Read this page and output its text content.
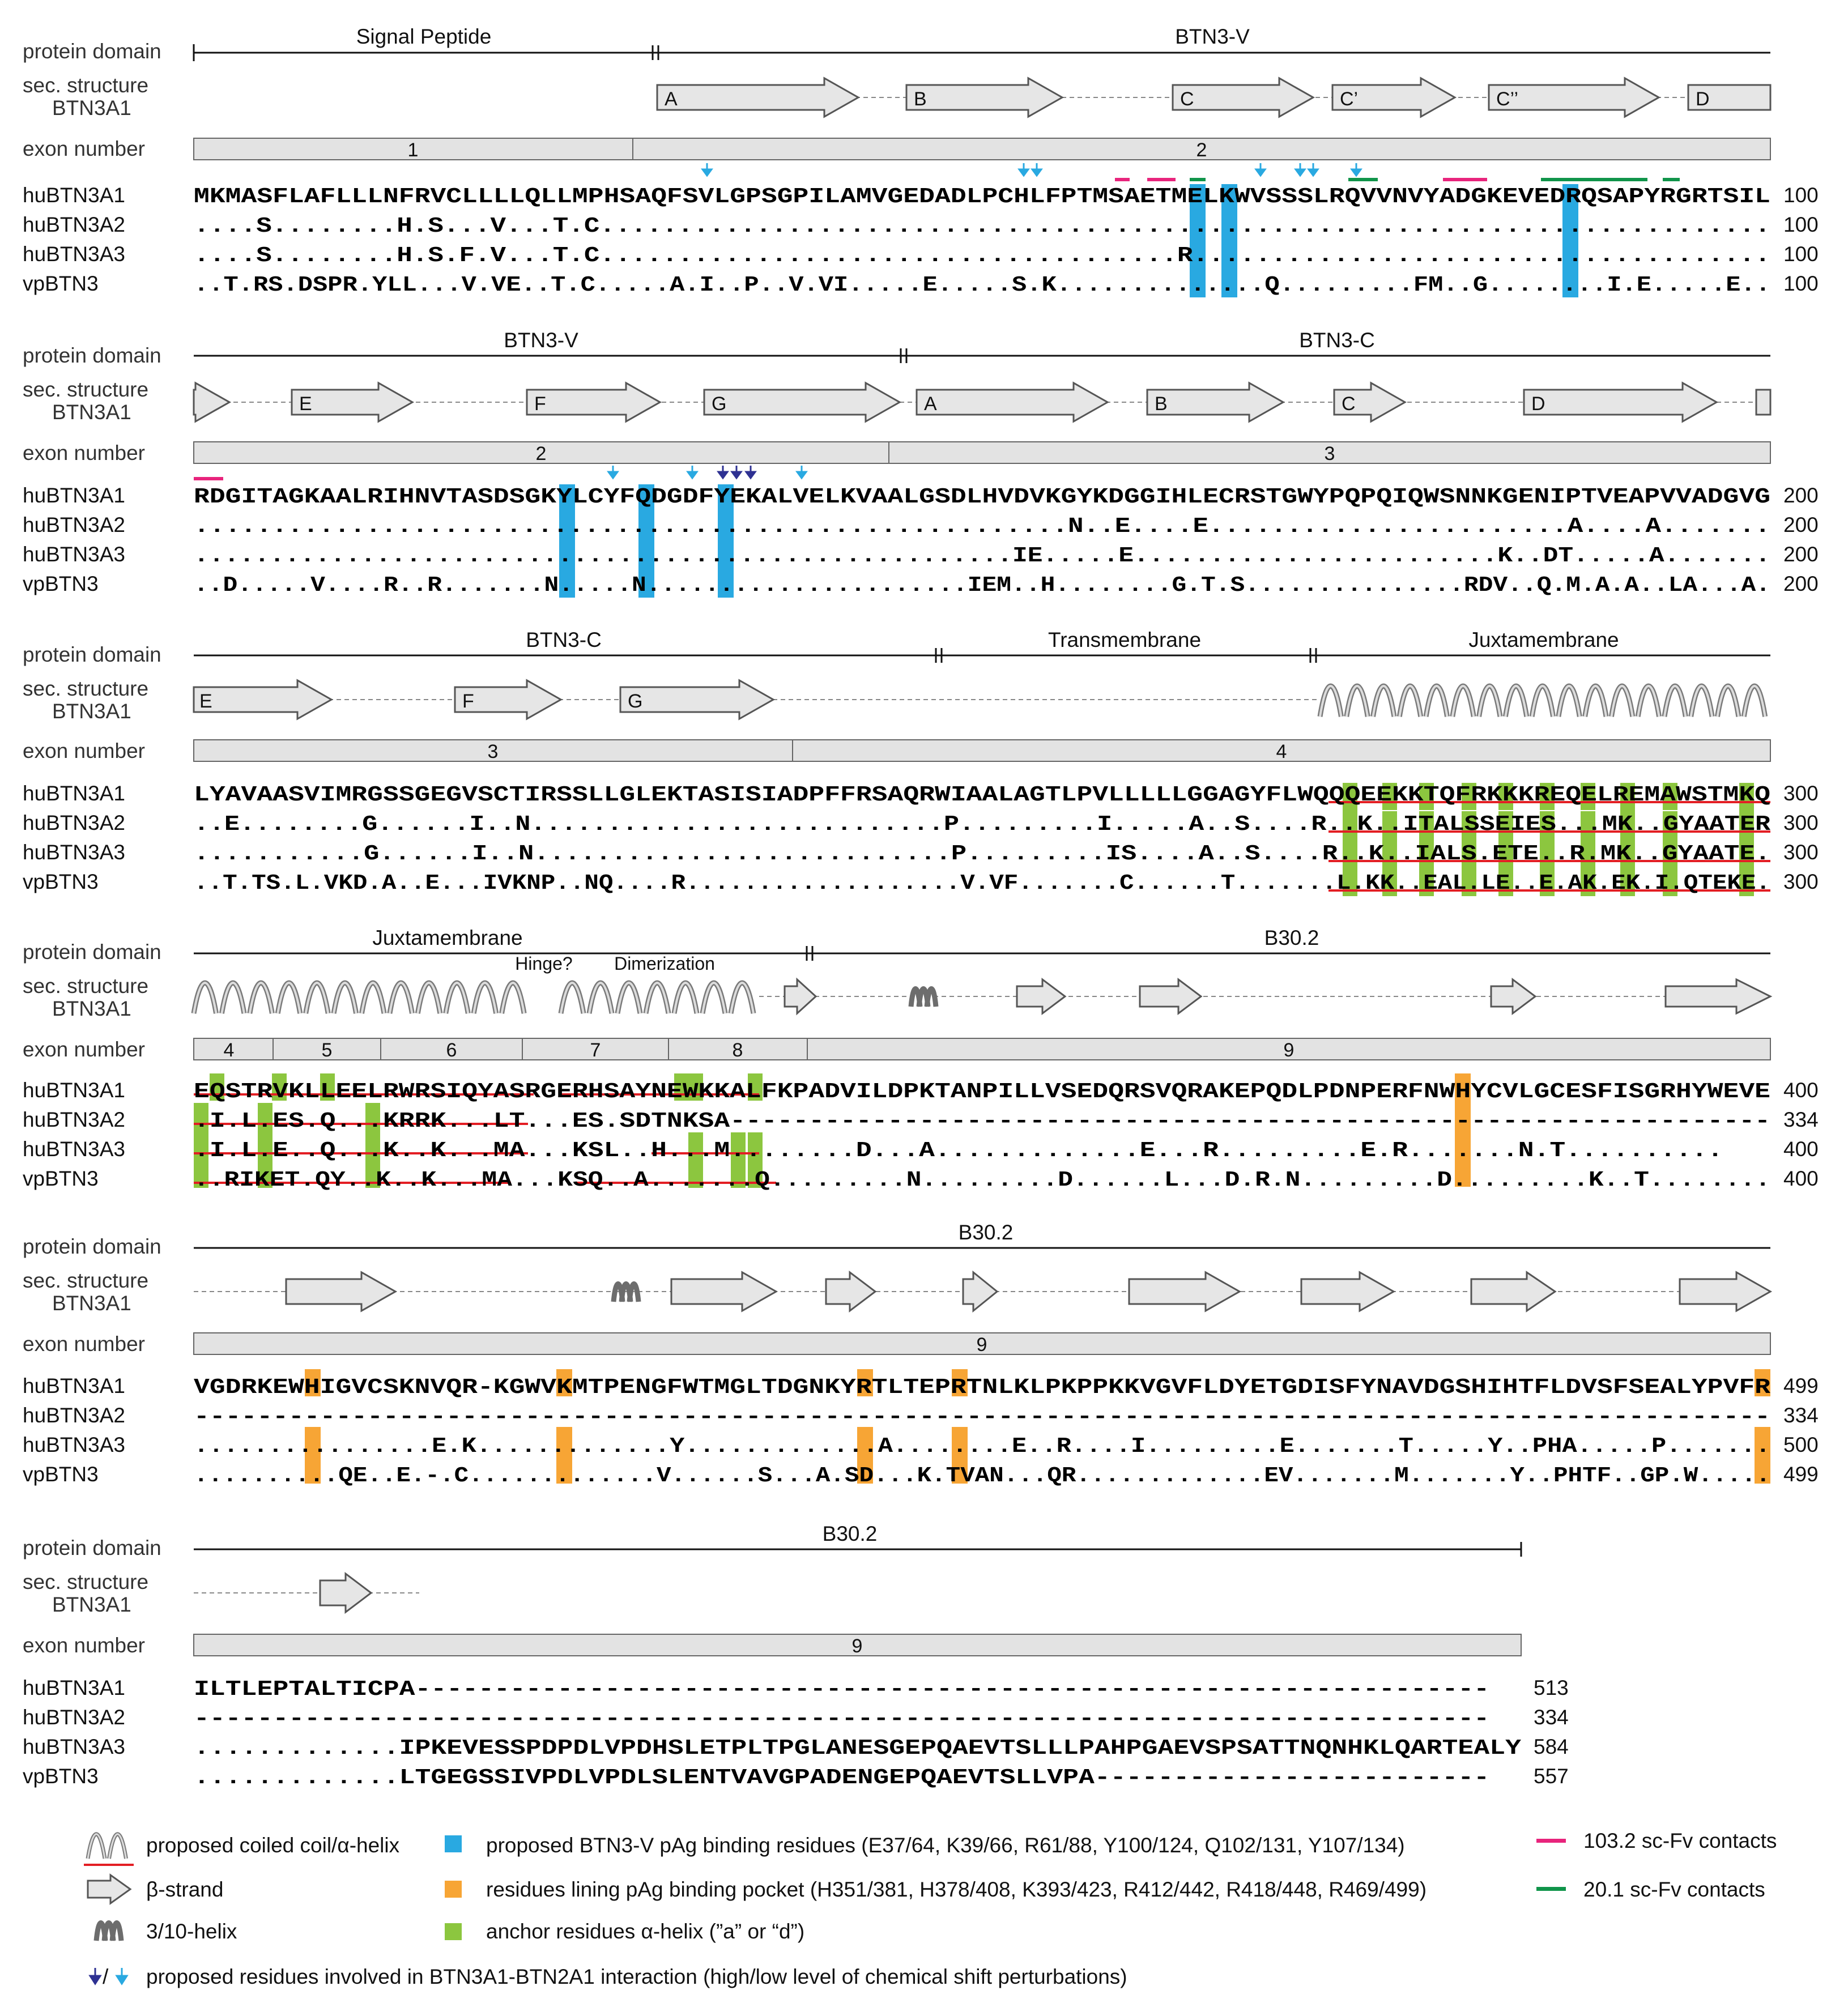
protein domain
sec. structure
BTN3A1
exon number
Signal Peptide	BTN3-V
A	B	C	C’	C’’	D
1	2
protein domain
sec. structure
BTN3A1
exon number
BTN3-V	BTN3-C
E	F	G	A	B	C	D
2	3
protein domain
sec. structure
BTN3A1
exon number
BTN3-C	Transmembrane	Juxtamembrane
E	F	G
3	4
protein domain
sec. structure
BTN3A1
exon number
Juxtamembrane	B30.2
Hinge? Dimerization
4	5	6	7	8	9
protein domain
sec. structure
BTN3A1
exon number
B30.2
9
protein domain
sec. structure
BTN3A1
exon number
B30.2
9
huBTN3A1	MKMASFLAFLLLNFRVCLLLLQLLMPHSAQFSVLGPSGPILAMVGEDADLPCHLFPTMSAETMELKWVSSSLRQVVNVYADGKEVEDRQSAPYRGRTSIL 100
huBTN3A2	....S........H.S...V...T.C........................................................................... 100
huBTN3A3	....S........H.S.F.V...T.C.....................................R..................................... 100
vpBTN3	..T.RS.DSPR.YLL...V.VE..T.C.....A.I..P..V.VI.....E.....S.K..............Q.........FM..G........I.E.....E.. 100
huBTN3A1	RDGITAGKAALRIHNVTASDSGKYLCYFQDGDFYEKALVELKVAALGSDLHVDVKGYKDGGIHLECRSTGWYPQPQIQWSNNKGENIPTVEAPVVADGVG 200
huBTN3A2	........................................................N..E....E.......................A....A....... 200
huBTN3A3	......................................................IE.....E........................K..DT.....A....... 200
vpBTN3	..D.....V....R..R.......N.....N......................IEM..H........G.T.S...............RDV..Q.M.A.A..LA...A. 200
huBTN3A1	LYAVAASVIMRGSSGEGVSCTIRSSLLGLEKTASISIADPFFRSAQRWIAALAGTLPVLLLLLGGAGYFLWQQQEEKKTQFRKKKREQELREMAWSTMKQ 300
huBTN3A2	..E........G......I..N...........................P.........I.....A..S....R..K..ITALSSEIES...MK..GYAATER 300
huBTN3A3	...........G......I..N...........................P.........IS....A..S....R..K..IALS.ETE..R.MK..GYAATE. 300
vpBTN3	..T.TS.L.VKD.A..E...IVKNP..NQ....R...................V.VF.......C......T.......L.KK..EAL.LE..E.AK.EK.I.QTEKE. 300
huBTN3A1	EQSTRVKLLEELRWRSIQYASRGERHSAYNEWKKALFKPADVILDPKTANPILLVSEDQRSVQRAKEPQDLPDNPERFNWHYCVLGCESFISGRHYWEVE 400
huBTN3A2	.I.L.ES.Q...KRRK...LT...ES.SDTNKSA------------------------------------------------------------------ 334
huBTN3A3	.I.L.E..Q...K..K...MA...KSL..H...M........D...A.............E...R.........E.R.......N.T..........	400
vpBTN3	..RIKET.QY..K..K...MA...KSQ..A.......Q.........N.........D......L...D.R.N.........D.........K..T........ 400
huBTN3A1	VGDRKEWHIGVCSKNVQR-KGWVKMTPENGFWTMGLTDGNKYRTLTEPRTNLKLPKPPKKVGVFLDYETGDISFYNAVDGSHIHTFLDVSFSEALYPVFR 499
huBTN3A2	---------------------------------------------------------------------------------------------------- 334
huBTN3A3	................E.K.............Y.............A........E..R....I.........E.......T.....Y..PHA.....P....... 500
vpBTN3	..........QE..E.-.C.............V......S...A.SD...K.TVAN...QR.............EV.......M.......Y..PHTF..GP.W..... 499
huBTN3A1	ILTLEPTALTICPA-------------------------------------------------------------------- 513
huBTN3A2	---------------------------------------------------------------------------------- 334
huBTN3A3	.............IPKEVESSPDPDLVPDHSLETPLTPGLANESGEPQAEVTSLLLPAHPGAEVSPSATTNQNHKLQARTEALY 584
vpBTN3	.............LTGEGSSIVPDLVPDLSLENTVAVGPADENGEPQAEVTSLLVPA------------------------- 557
proposed coiled coil/α-helix
β-strand
3/10-helix
/ proposed residues involved in BTN3A1-BTN2A1 interaction (high/low level of chemical shift perturbations)
proposed BTN3-V pAg binding residues (E37/64, K39/66, R61/88, Y100/124, Q102/131, Y107/134)
residues lining pAg binding pocket (H351/381, H378/408, K393/423, R412/442, R418/448, R469/499)
anchor residues α-helix (”a” or “d”)
103.2 sc-Fv contacts
20.1 sc-Fv contacts
